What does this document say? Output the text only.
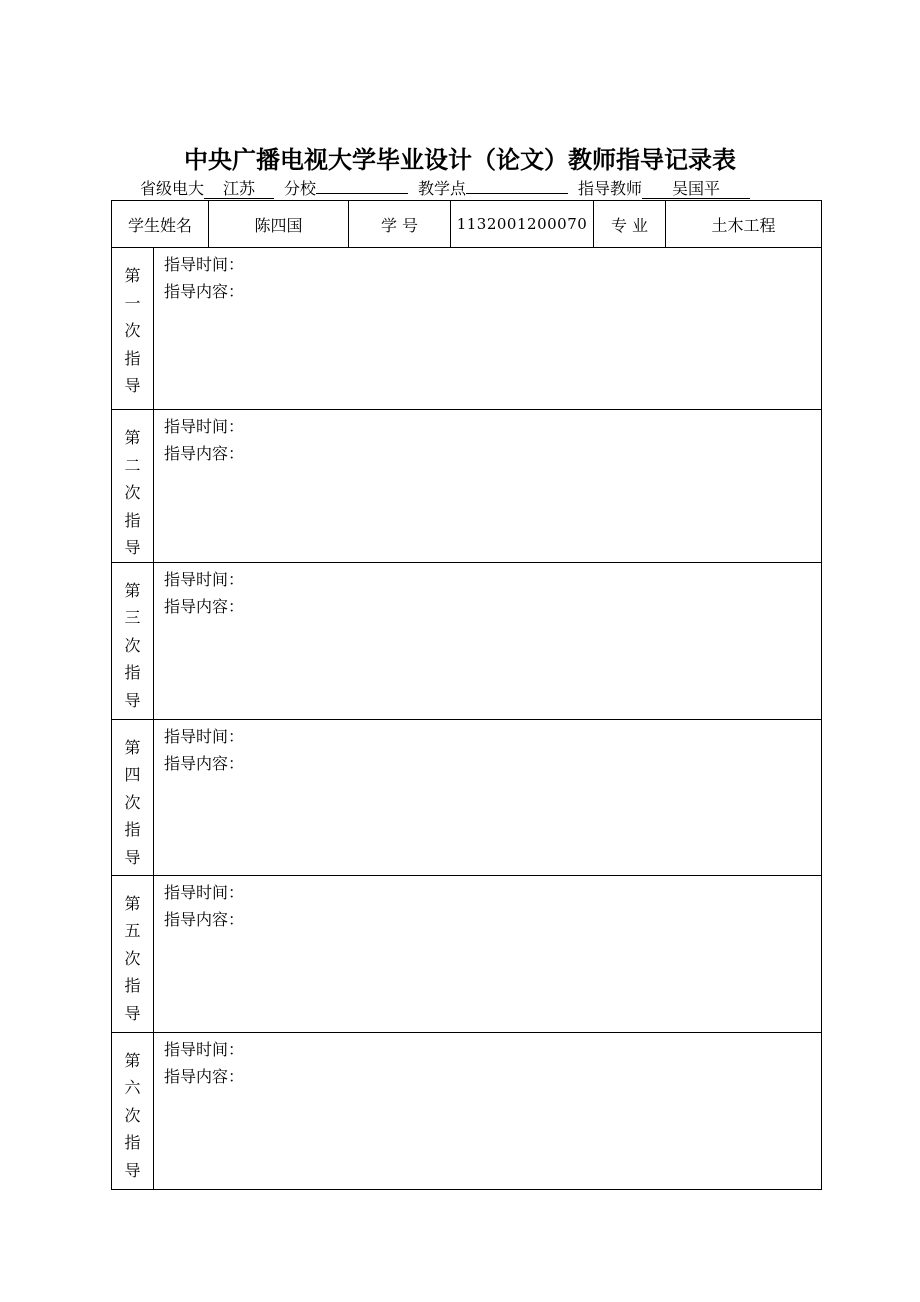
中央广播电视大学毕业设计（论文）教师指导记录表
省级电大 江苏 分校	教学点	指导教师 吴国平
学生姓名		陈四国	学 号	1132001200070	专 业	土木工程

第
一
次
指
导	指导时间：
指导内容：					

第
二
次
指
导	指导时间：
指导内容：					

第
三
次
指
导	指导时间：
指导内容：					

第
四
次
指
导	指导时间：
指导内容：					

第
五
次
指
导	指导时间：
指导内容：					

第
六
次
指
导	指导时间：
指导内容：					
